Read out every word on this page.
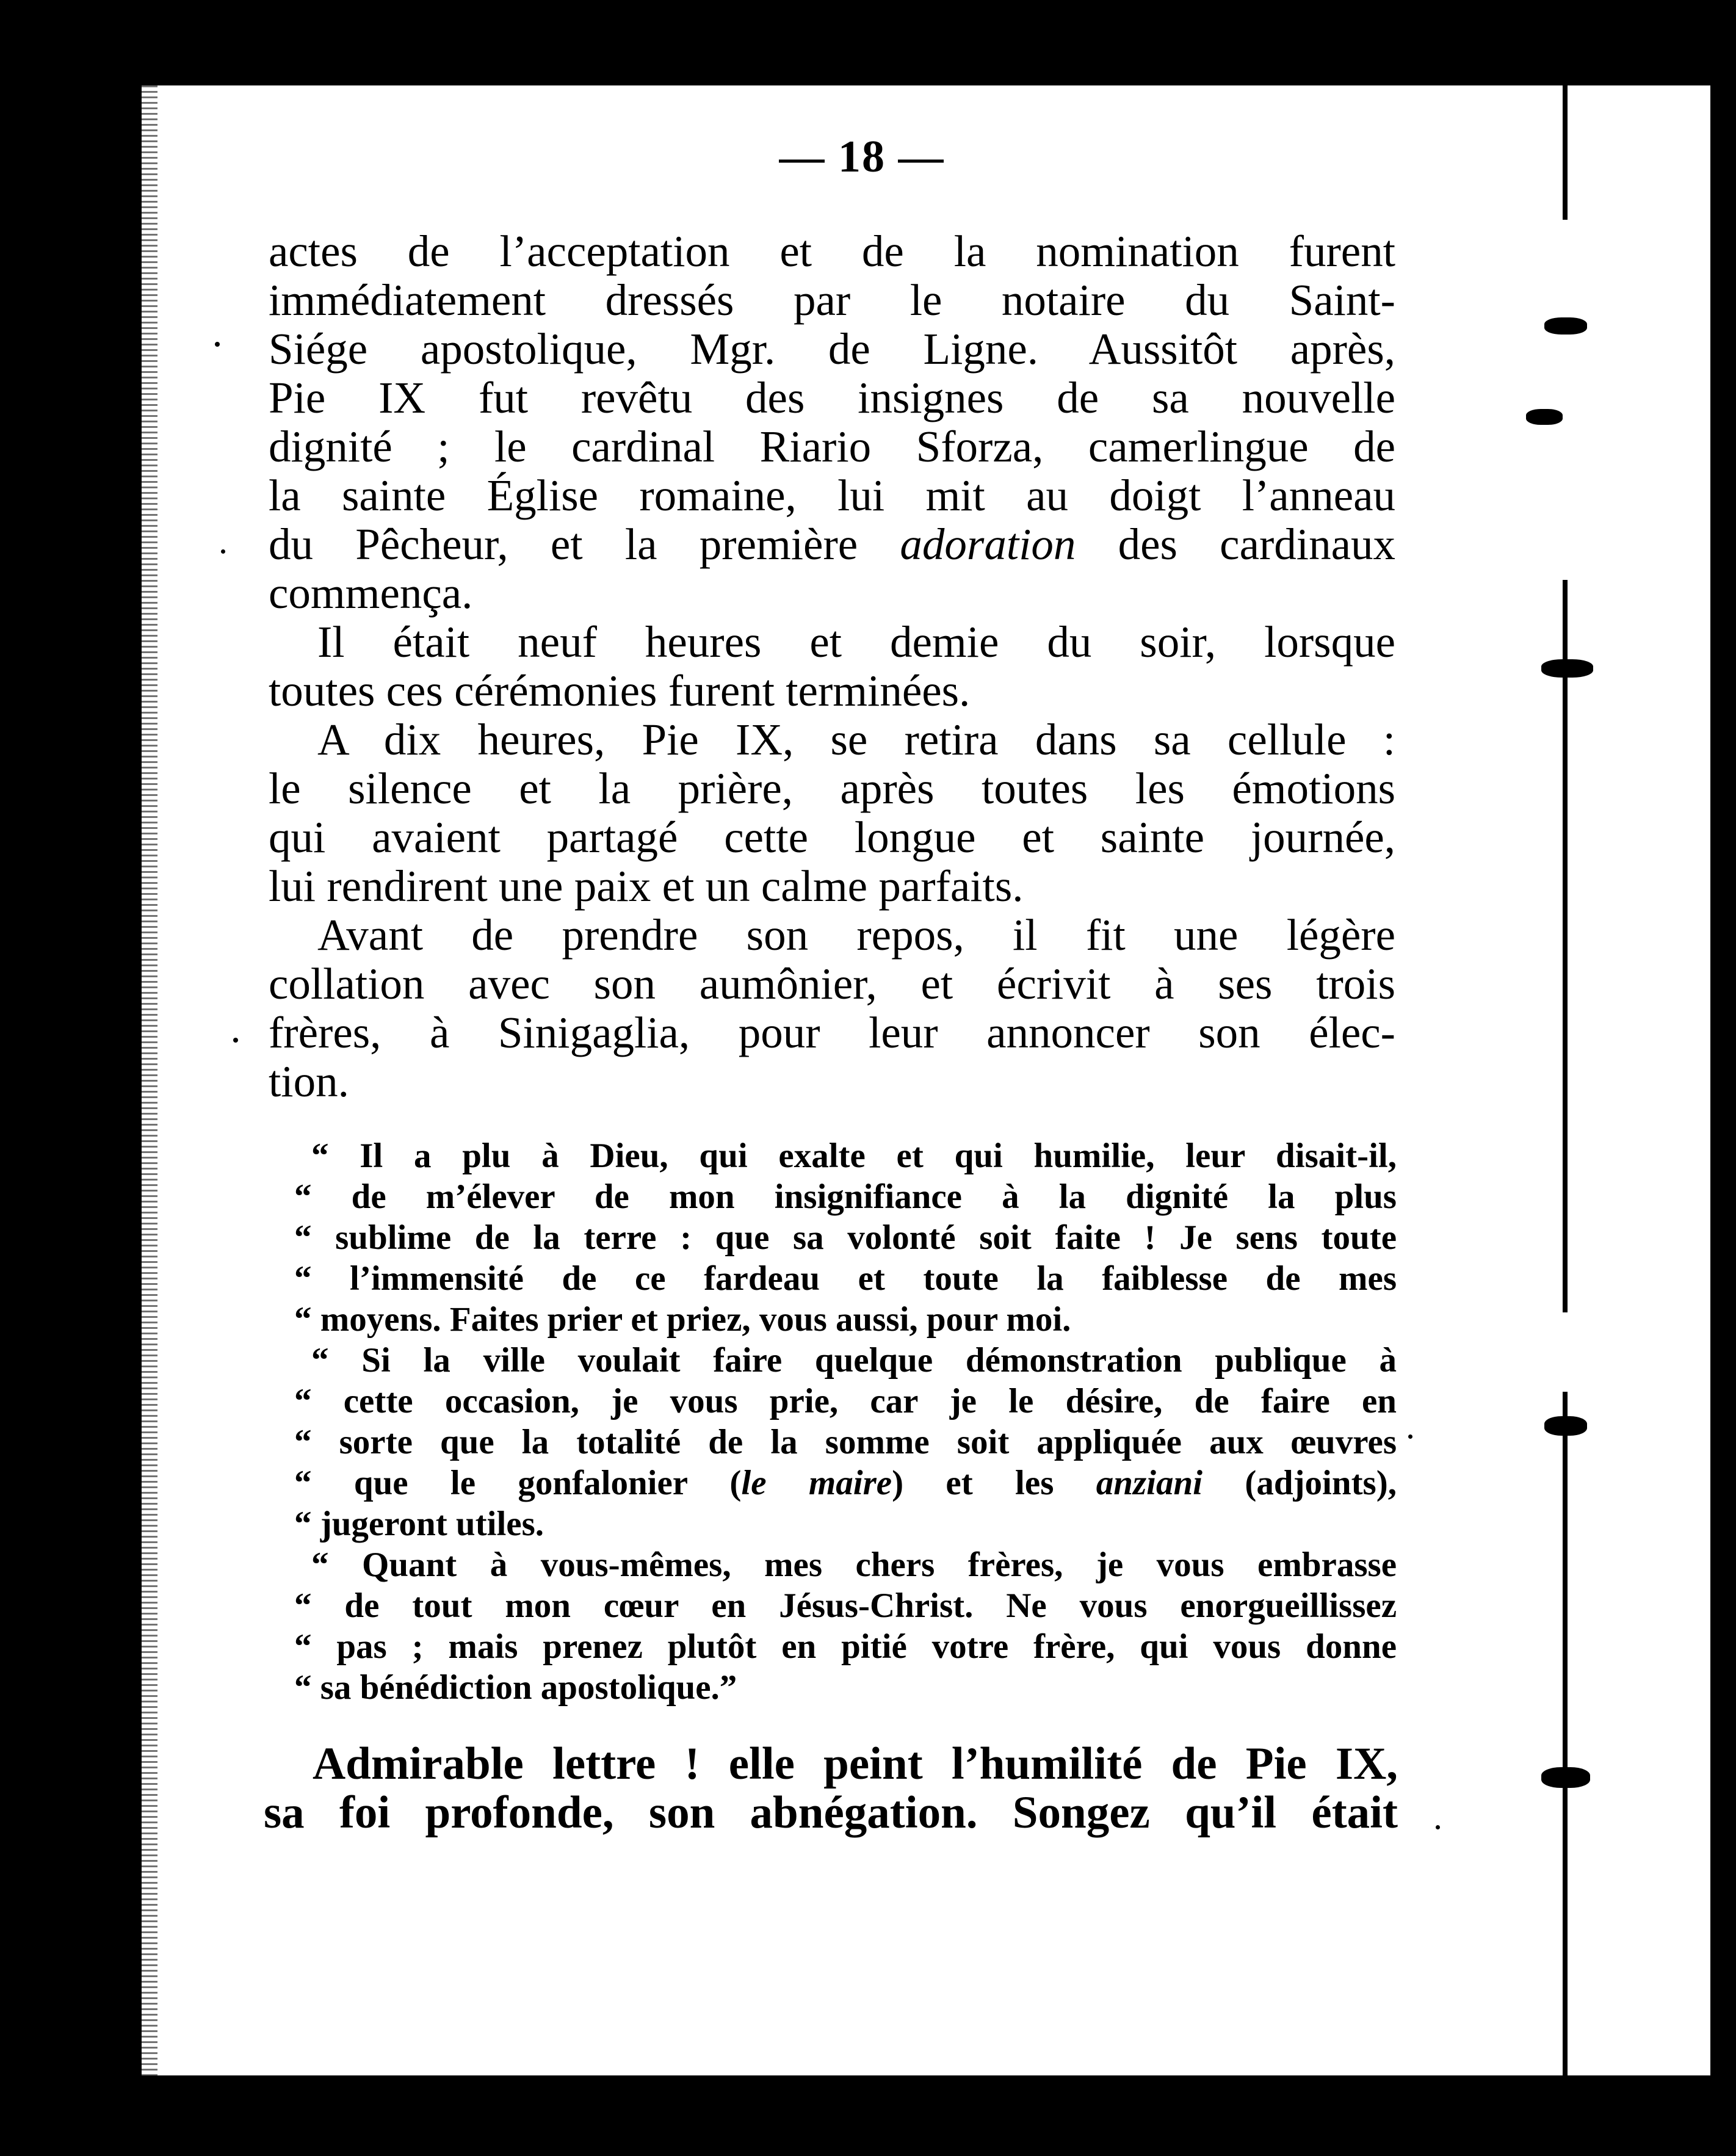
— 18 —

actes de l’acceptation et de la nomination furent

immédiatement dressés par le notaire du Saint-

Siége apostolique, Mgr. de Ligne. Aussitôt après,

Pie IX fut revêtu des insignes de sa nouvelle

dignité ; le cardinal Riario Sforza, camerlingue de

la sainte Église romaine, lui mit au doigt l’anneau

du Pêcheur, et la première adoration des cardinaux

commença.

Il était neuf heures et demie du soir, lorsque

toutes ces cérémonies furent terminées.

A dix heures, Pie IX, se retira dans sa cellule :

le silence et la prière, après toutes les émotions

qui avaient partagé cette longue et sainte journée,

lui rendirent une paix et un calme parfaits.

Avant de prendre son repos, il fit une légère

collation avec son aumônier, et écrivit à ses trois

frères, à Sinigaglia, pour leur annoncer son élec-

tion.

“ Il a plu à Dieu, qui exalte et qui humilie, leur disait-il,

“ de m’élever de mon insignifiance à la dignité la plus

“ sublime de la terre : que sa volonté soit faite ! Je sens toute

“ l’immensité de ce fardeau et toute la faiblesse de mes

“ moyens. Faites prier et priez, vous aussi, pour moi.

“ Si la ville voulait faire quelque démonstration publique à

“ cette occasion, je vous prie, car je le désire, de faire en

“ sorte que la totalité de la somme soit appliquée aux œuvres

“ que le gonfalonier (le maire) et les anziani (adjoints),

“ jugeront utiles.

“ Quant à vous-mêmes, mes chers frères, je vous embrasse

“ de tout mon cœur en Jésus-Christ. Ne vous enorgueillissez

“ pas ; mais prenez plutôt en pitié votre frère, qui vous donne

“ sa bénédiction apostolique.”

Admirable lettre ! elle peint l’humilité de Pie IX,

sa foi profonde, son abnégation. Songez qu’il était
